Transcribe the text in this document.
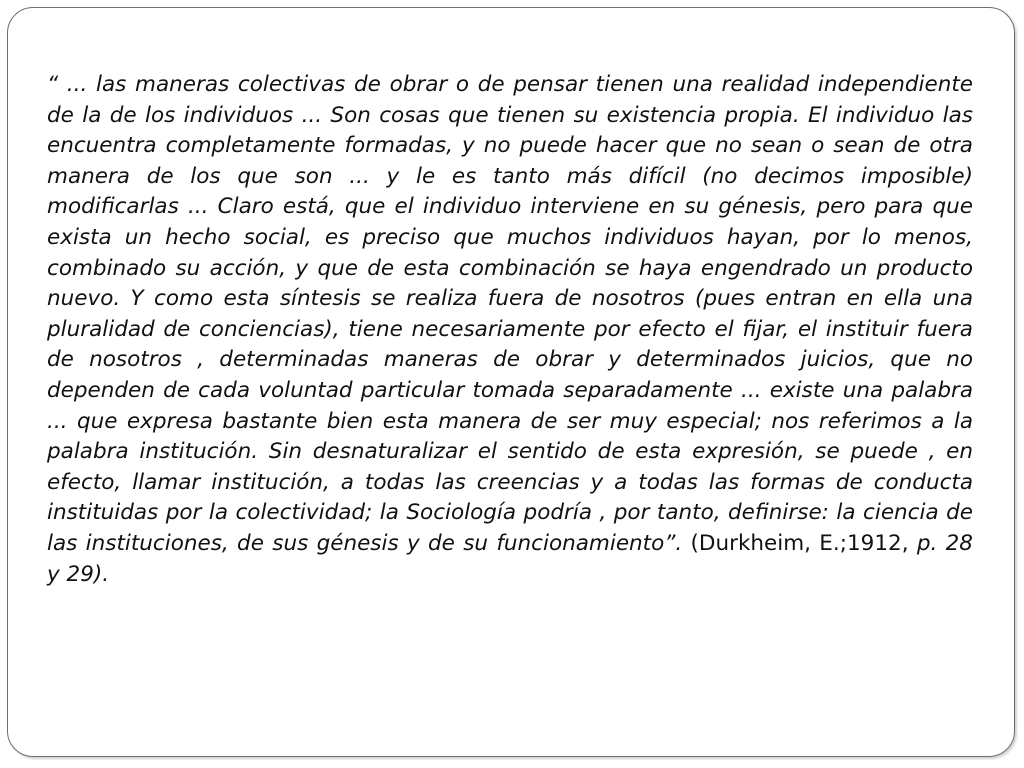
“ ... las maneras colectivas de obrar o de pensar tienen una realidad independiente de la de los individuos ... Son cosas que tienen su existencia propia. El individuo las encuentra completamente formadas, y no puede hacer que no sean o sean de otra manera de los que son ... y le es tanto más difícil (no decimos imposible) modificarlas ... Claro está, que el individuo interviene en su génesis, pero para que exista un hecho social, es preciso que muchos individuos hayan, por lo menos, combinado su acción, y que de esta combinación se haya engendrado un producto nuevo. Y como esta síntesis se realiza fuera de nosotros (pues entran en ella una pluralidad de conciencias), tiene necesariamente por efecto el fijar, el instituir fuera de nosotros , determinadas maneras de obrar y determinados juicios, que no dependen de cada voluntad particular tomada separadamente ... existe una palabra ... que expresa bastante bien esta manera de ser muy especial; nos referimos a la palabra institución. Sin desnaturalizar el sentido de esta expresión, se puede , en efecto, llamar institución, a todas las creencias y a todas las formas de conducta instituidas por la colectividad; la Sociología podría , por tanto, definirse: la ciencia de las instituciones, de sus génesis y de su funcionamiento”. (Durkheim, E.;1912, p. 28 y 29).
